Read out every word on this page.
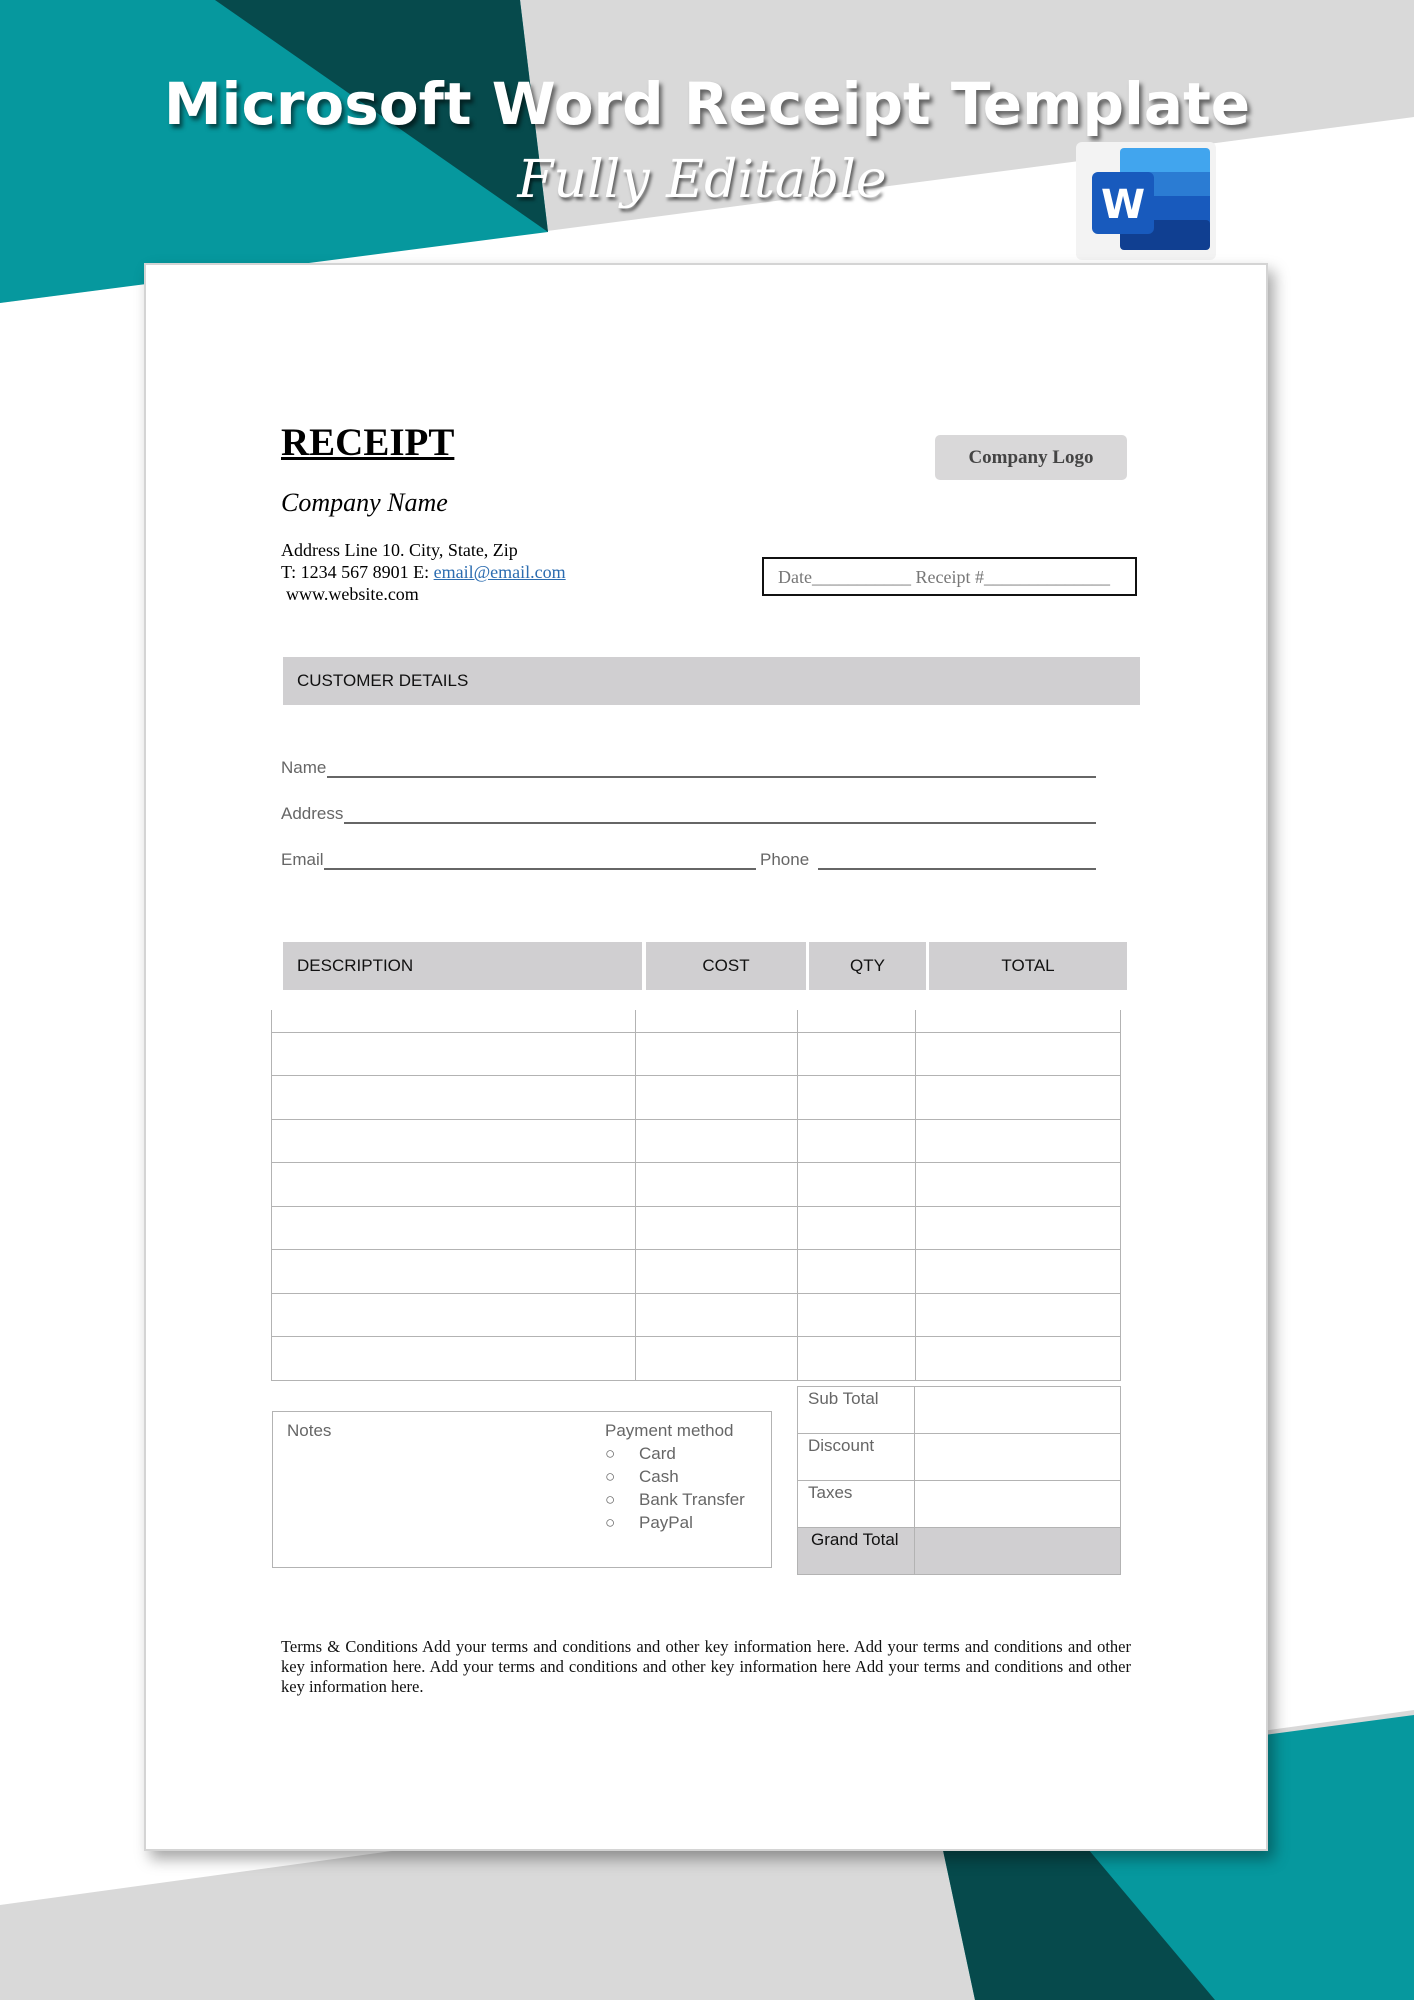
Microsoft Word Receipt Template
Fully Editable	W
RECEIPT	Company Logo
Company Name
Address Line 10. City, State, Zip
T: 1234 567 8901 E: email@email.com
www.website.com
Date___________ Receipt #______________
CUSTOMER DETAILS
Name
Address
Email	Phone
DESCRIPTION	COST	QTY	TOTAL

Notes	Payment method
○ Card
○ Cash
○ Bank Transfer
○ PayPal
Sub Total	
Discount	
Taxes	
Grand Total	
Terms & Conditions Add your terms and conditions and other key information here. Add your terms and conditions and other key information here. Add your terms and conditions and other key information here Add your terms and conditions and other key information here.
